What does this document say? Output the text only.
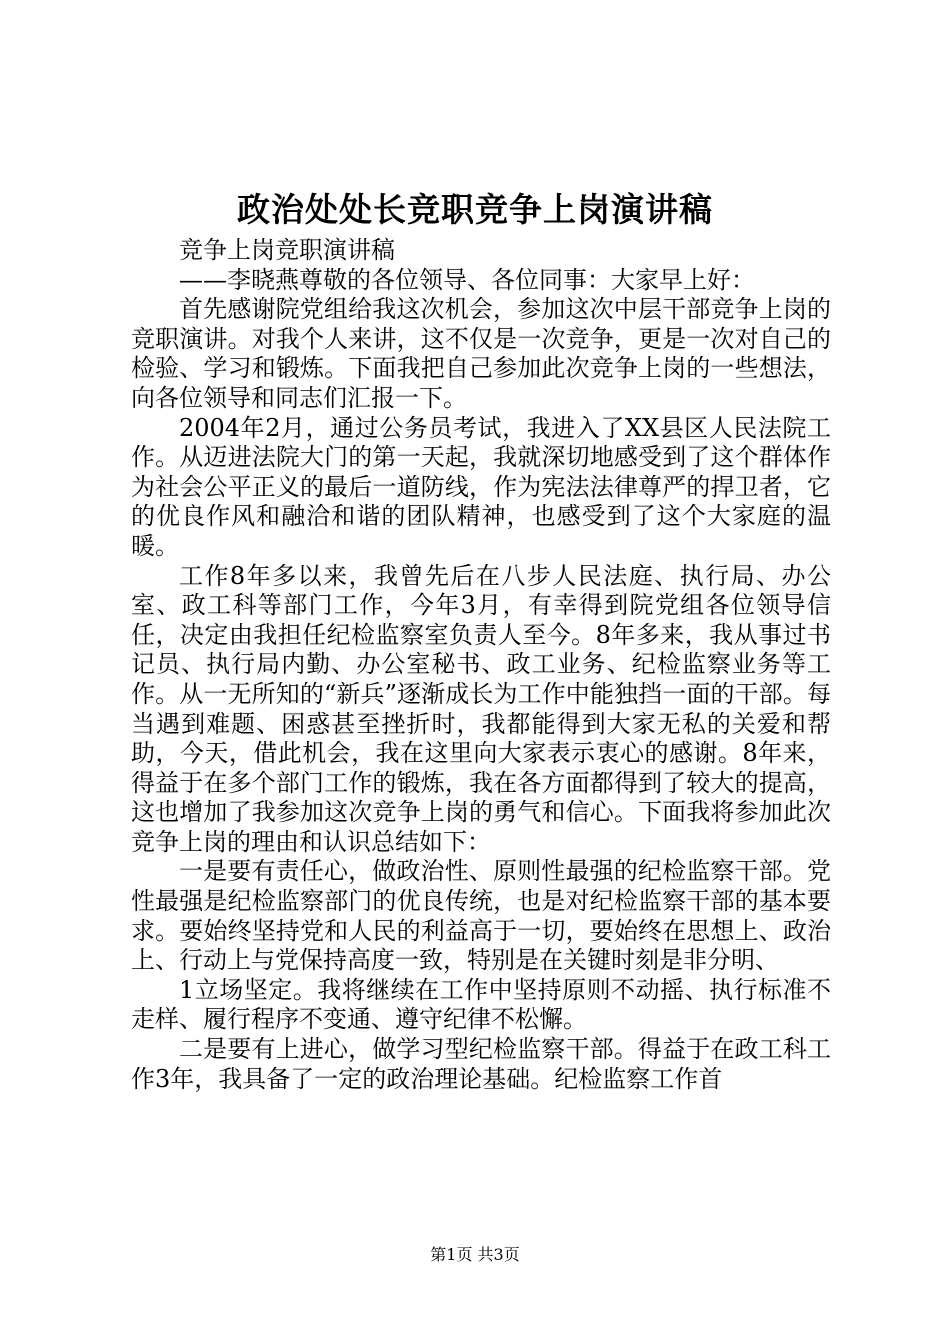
政治处处长竞职竞争上岗演讲稿

竞争上岗竞职演讲稿

——李晓燕尊敬的各位领导、各位同事：大家早上好：

首先感谢院党组给我这次机会，参加这次中层干部竞争上岗的竞职演讲。对我个人来讲，这不仅是一次竞争，更是一次对自己的检验、学习和锻炼。下面我把自己参加此次竞争上岗的一些想法，向各位领导和同志们汇报一下。

2004年2月，通过公务员考试，我进入了XX县区人民法院工作。从迈进法院大门的第一天起，我就深切地感受到了这个群体作为社会公平正义的最后一道防线，作为宪法法律尊严的捍卫者，它的优良作风和融洽和谐的团队精神，也感受到了这个大家庭的温暖。

工作8年多以来，我曾先后在八步人民法庭、执行局、办公室、政工科等部门工作，今年3月，有幸得到院党组各位领导信任，决定由我担任纪检监察室负责人至今。8年多来，我从事过书记员、执行局内勤、办公室秘书、政工业务、纪检监察业务等工作。从一无所知的“新兵”逐渐成长为工作中能独挡一面的干部。每当遇到难题、困惑甚至挫折时，我都能得到大家无私的关爱和帮助，今天，借此机会，我在这里向大家表示衷心的感谢。8年来，得益于在多个部门工作的锻炼，我在各方面都得到了较大的提高，这也增加了我参加这次竞争上岗的勇气和信心。下面我将参加此次竞争上岗的理由和认识总结如下：

一是要有责任心，做政治性、原则性最强的纪检监察干部。党性最强是纪检监察部门的优良传统，也是对纪检监察干部的基本要求。要始终坚持党和人民的利益高于一切，要始终在思想上、政治上、行动上与党保持高度一致，特别是在关键时刻是非分明、

1立场坚定。我将继续在工作中坚持原则不动摇、执行标准不走样、履行程序不变通、遵守纪律不松懈。

二是要有上进心，做学习型纪检监察干部。得益于在政工科工作3年，我具备了一定的政治理论基础。纪检监察工作首

第1页 共3页
